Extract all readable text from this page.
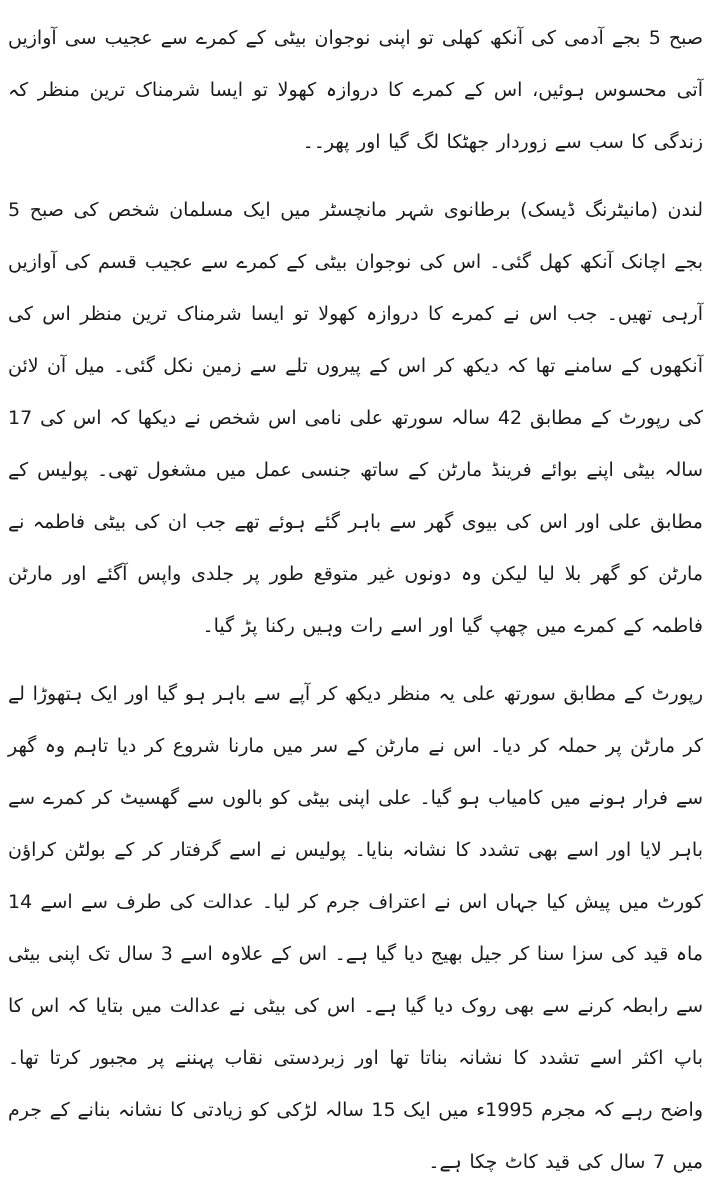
صبح 5 بجے آدمی کی آنکھ کھلی تو اپنی نوجوان بیٹی کے کمرے سے عجیب سی آوازیں آتی محسوس ہوئیں، اس کے کمرے کا دروازہ کھولا تو ایسا شرمناک ترین منظر کہ زندگی کا سب سے زوردار جھٹکا لگ گیا اور پھر۔۔

لندن (مانیٹرنگ ڈیسک) برطانوی شہر مانچسٹر میں ایک مسلمان شخص کی صبح 5 بجے اچانک آنکھ کھل گئی۔ اس کی نوجوان بیٹی کے کمرے سے عجیب قسم کی آوازیں آرہی تھیں۔ جب اس نے کمرے کا دروازہ کھولا تو ایسا شرمناک ترین منظر اس کی آنکھوں کے سامنے تھا کہ دیکھ کر اس کے پیروں تلے سے زمین نکل گئی۔ میل آن لائن کی رپورٹ کے مطابق 42 سالہ سورتھ علی نامی اس شخص نے دیکھا کہ اس کی 17 سالہ بیٹی اپنے بوائے فرینڈ مارٹن کے ساتھ جنسی عمل میں مشغول تھی۔ پولیس کے مطابق علی اور اس کی بیوی گھر سے باہر گئے ہوئے تھے جب ان کی بیٹی فاطمہ نے مارٹن کو گھر بلا لیا لیکن وہ دونوں غیر متوقع طور پر جلدی واپس آگئے اور مارٹن فاطمہ کے کمرے میں چھپ گیا اور اسے رات وہیں رکنا پڑ گیا۔

رپورٹ کے مطابق سورتھ علی یہ منظر دیکھ کر آپے سے باہر ہو گیا اور ایک ہتھوڑا لے کر مارٹن پر حملہ کر دیا۔ اس نے مارٹن کے سر میں مارنا شروع کر دیا تاہم وہ گھر سے فرار ہونے میں کامیاب ہو گیا۔ علی اپنی بیٹی کو بالوں سے گھسیٹ کر کمرے سے باہر لایا اور اسے بھی تشدد کا نشانہ بنایا۔ پولیس نے اسے گرفتار کر کے بولٹن کراؤن کورٹ میں پیش کیا جہاں اس نے اعتراف جرم کر لیا۔ عدالت کی طرف سے اسے 14 ماہ قید کی سزا سنا کر جیل بھیج دیا گیا ہے۔ اس کے علاوہ اسے 3 سال تک اپنی بیٹی سے رابطہ کرنے سے بھی روک دیا گیا ہے۔ اس کی بیٹی نے عدالت میں بتایا کہ اس کا باپ اکثر اسے تشدد کا نشانہ بناتا تھا اور زبردستی نقاب پہننے پر مجبور کرتا تھا۔ واضح رہے کہ مجرم 1995ء میں ایک 15 سالہ لڑکی کو زیادتی کا نشانہ بنانے کے جرم میں 7 سال کی قید کاٹ چکا ہے۔
